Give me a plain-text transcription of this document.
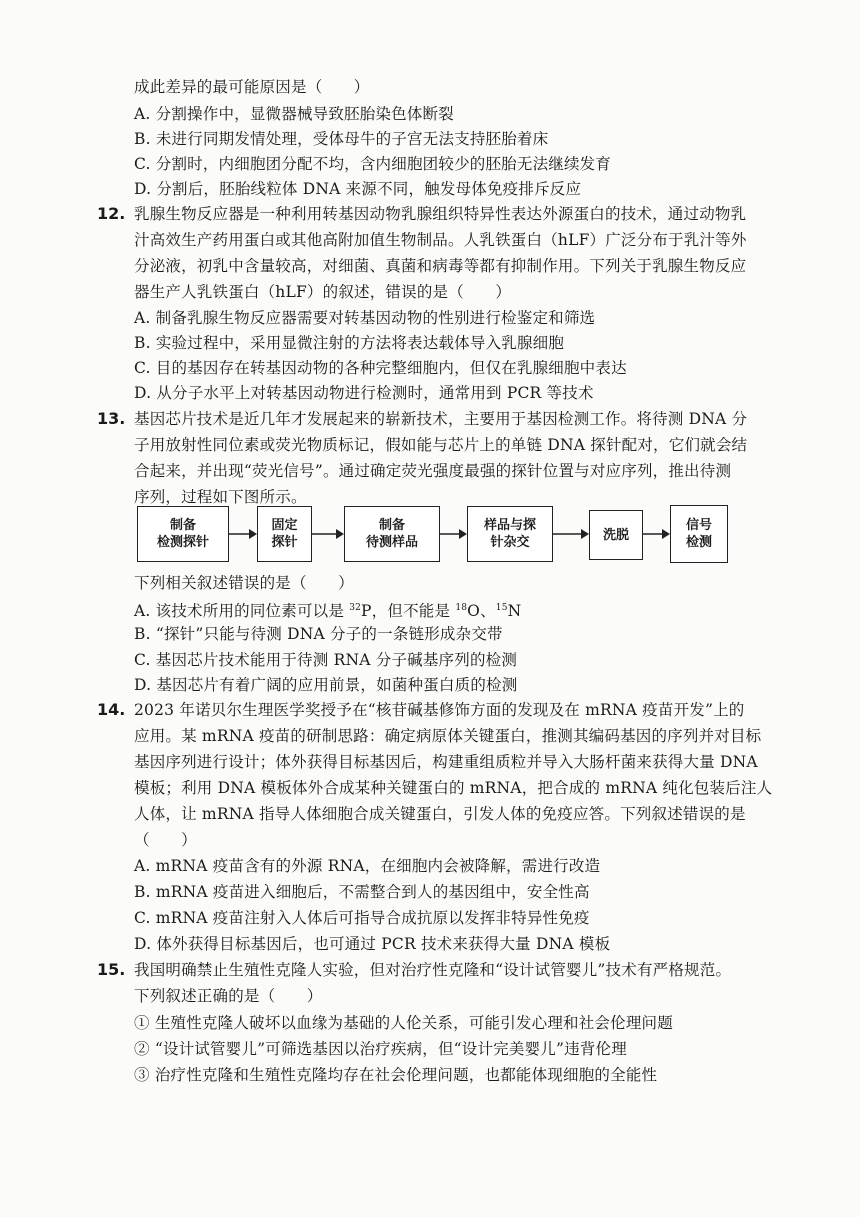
成此差异的最可能原因是（　　）
A. 分割操作中，显微器械导致胚胎染色体断裂
B. 未进行同期发情处理，受体母牛的子宫无法支持胚胎着床
C. 分割时，内细胞团分配不均，含内细胞团较少的胚胎无法继续发育
D. 分割后，胚胎线粒体 DNA 来源不同，触发母体免疫排斥反应
12. 乳腺生物反应器是一种利用转基因动物乳腺组织特异性表达外源蛋白的技术，通过动物乳
汁高效生产药用蛋白或其他高附加值生物制品。人乳铁蛋白（hLF）广泛分布于乳汁等外
分泌液，初乳中含量较高，对细菌、真菌和病毒等都有抑制作用。下列关于乳腺生物反应
器生产人乳铁蛋白（hLF）的叙述，错误的是（　　）
A. 制备乳腺生物反应器需要对转基因动物的性别进行检鉴定和筛选
B. 实验过程中，采用显微注射的方法将表达载体导入乳腺细胞
C. 目的基因存在转基因动物的各种完整细胞内，但仅在乳腺细胞中表达
D. 从分子水平上对转基因动物进行检测时，通常用到 PCR 等技术
13. 基因芯片技术是近几年才发展起来的崭新技术，主要用于基因检测工作。将待测 DNA 分
子用放射性同位素或荧光物质标记，假如能与芯片上的单链 DNA 探针配对，它们就会结
合起来，并出现“荧光信号”。通过确定荧光强度最强的探针位置与对应序列，推出待测
序列，过程如下图所示。
制备
检测探针
固定
探针
制备
待测样品
样品与探
针杂交	洗脱
信号
检测
下列相关叙述错误的是（　　）
A. 该技术所用的同位素可以是 $^{32}$P，但不能是 $^{18}$O、$^{15}$N
B. “探针”只能与待测 DNA 分子的一条链形成杂交带
C. 基因芯片技术能用于待测 RNA 分子碱基序列的检测
D. 基因芯片有着广阔的应用前景，如菌种蛋白质的检测
14. 2023 年诺贝尔生理医学奖授予在“核苷碱基修饰方面的发现及在 mRNA 疫苗开发”上的
应用。某 mRNA 疫苗的研制思路：确定病原体关键蛋白，推测其编码基因的序列并对目标
基因序列进行设计；体外获得目标基因后，构建重组质粒并导入大肠杆菌来获得大量 DNA
模板；利用 DNA 模板体外合成某种关键蛋白的 mRNA，把合成的 mRNA 纯化包装后注人
人体，让 mRNA 指导人体细胞合成关键蛋白，引发人体的免疫应答。下列叙述错误的是
（　　）
A. mRNA 疫苗含有的外源 RNA，在细胞内会被降解，需进行改造
B. mRNA 疫苗进入细胞后，不需整合到人的基因组中，安全性高
C. mRNA 疫苗注射入人体后可指导合成抗原以发挥非特异性免疫
D. 体外获得目标基因后，也可通过 PCR 技术来获得大量 DNA 模板
15. 我国明确禁止生殖性克隆人实验，但对治疗性克隆和“设计试管婴儿”技术有严格规范。
下列叙述正确的是（　　）
① 生殖性克隆人破坏以血缘为基础的人伦关系，可能引发心理和社会伦理问题
② “设计试管婴儿”可筛选基因以治疗疾病，但“设计完美婴儿”违背伦理
③ 治疗性克隆和生殖性克隆均存在社会伦理问题，也都能体现细胞的全能性
